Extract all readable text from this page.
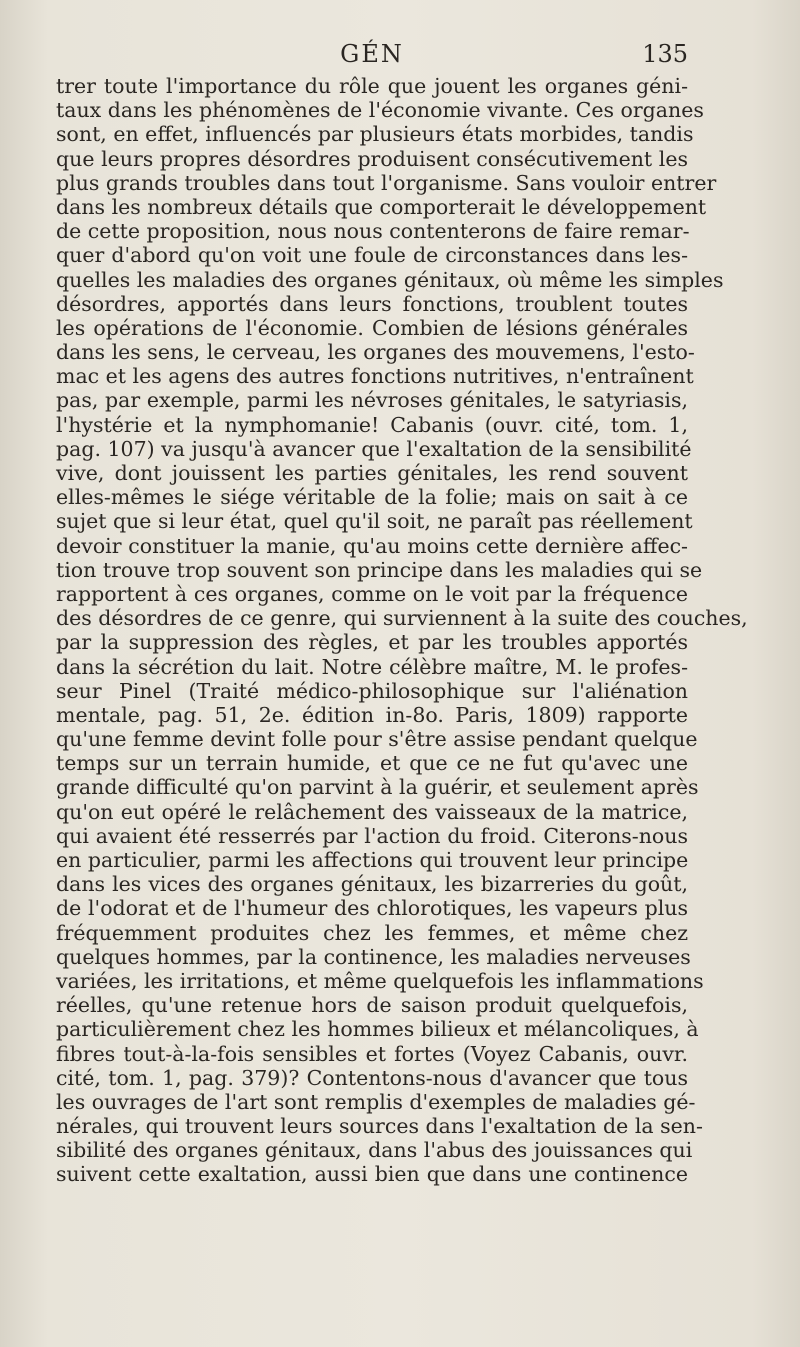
GÉN	135
trer toute l'importance du rôle que jouent les organes géni-
taux dans les phénomènes de l'économie vivante. Ces organes
sont, en effet, influencés par plusieurs états morbides, tandis
que leurs propres désordres produisent consécutivement les
plus grands troubles dans tout l'organisme. Sans vouloir entrer
dans les nombreux détails que comporterait le développement
de cette proposition, nous nous contenterons de faire remar-
quer d'abord qu'on voit une foule de circonstances dans les-
quelles les maladies des organes génitaux, où même les simples
désordres, apportés dans leurs fonctions, troublent toutes
les opérations de l'économie. Combien de lésions générales
dans les sens, le cerveau, les organes des mouvemens, l'esto-
mac et les agens des autres fonctions nutritives, n'entraînent
pas, par exemple, parmi les névroses génitales, le satyriasis,
l'hystérie et la nymphomanie! Cabanis (ouvr. cité, tom. 1,
pag. 107) va jusqu'à avancer que l'exaltation de la sensibilité
vive, dont jouissent les parties génitales, les rend souvent
elles-mêmes le siége véritable de la folie; mais on sait à ce
sujet que si leur état, quel qu'il soit, ne paraît pas réellement
devoir constituer la manie, qu'au moins cette dernière affec-
tion trouve trop souvent son principe dans les maladies qui se
rapportent à ces organes, comme on le voit par la fréquence
des désordres de ce genre, qui surviennent à la suite des couches,
par la suppression des règles, et par les troubles apportés
dans la sécrétion du lait. Notre célèbre maître, M. le profes-
seur Pinel (Traité médico-philosophique sur l'aliénation
mentale, pag. 51, 2e. édition in-8o. Paris, 1809) rapporte
qu'une femme devint folle pour s'être assise pendant quelque
temps sur un terrain humide, et que ce ne fut qu'avec une
grande difficulté qu'on parvint à la guérir, et seulement après
qu'on eut opéré le relâchement des vaisseaux de la matrice,
qui avaient été resserrés par l'action du froid. Citerons-nous
en particulier, parmi les affections qui trouvent leur principe
dans les vices des organes génitaux, les bizarreries du goût,
de l'odorat et de l'humeur des chlorotiques, les vapeurs plus
fréquemment produites chez les femmes, et même chez
quelques hommes, par la continence, les maladies nerveuses
variées, les irritations, et même quelquefois les inflammations
réelles, qu'une retenue hors de saison produit quelquefois,
particulièrement chez les hommes bilieux et mélancoliques, à
fibres tout-à-la-fois sensibles et fortes (Voyez Cabanis, ouvr.
cité, tom. 1, pag. 379)? Contentons-nous d'avancer que tous
les ouvrages de l'art sont remplis d'exemples de maladies gé-
nérales, qui trouvent leurs sources dans l'exaltation de la sen-
sibilité des organes génitaux, dans l'abus des jouissances qui
suivent cette exaltation, aussi bien que dans une continence
